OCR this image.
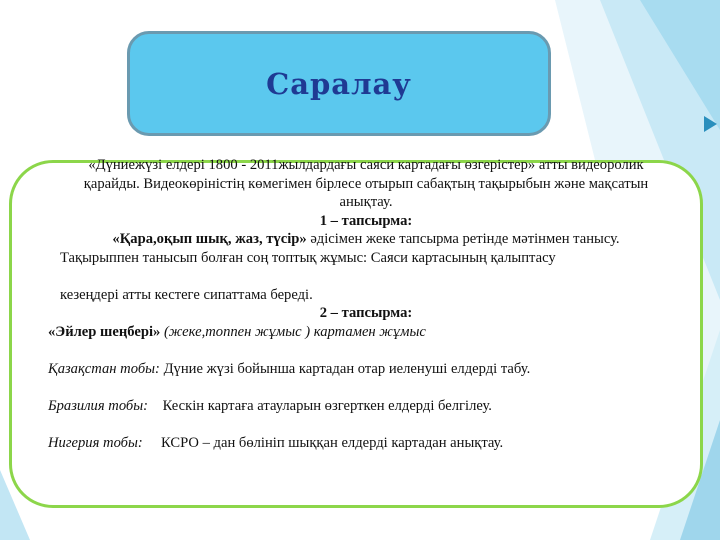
Саралау

«Дүниежүзі елдері 1800 - 2011жылдардағы саяси картадағы өзгерістер» атты видеоролик қарайды. Видеокөріністің көмегімен бірлесе отырып сабақтың тақырыбын және мақсатын анықтау.

1 – тапсырма:

«Қара,оқып шық, жаз, түсір» әдісімен жеке тапсырма ретінде мәтінмен танысу.

Тақырыппен танысып болған соң топтық жұмыс: Саяси картасының қалыптасу

кезеңдері атты кестеге сипаттама береді.

2 – тапсырма:

«Эйлер шеңбері» (жеке,топпен жұмыс ) картамен жұмыс

Қазақстан тобы: Дүние жүзі бойынша картадан отар иеленуші елдерді табу.

Бразилия тобы:    Кескін картаға атауларын өзгерткен елдерді белгілеу.

Нигерия тобы:     КСРО – дан бөлініп шыққан елдерді картадан анықтау.
